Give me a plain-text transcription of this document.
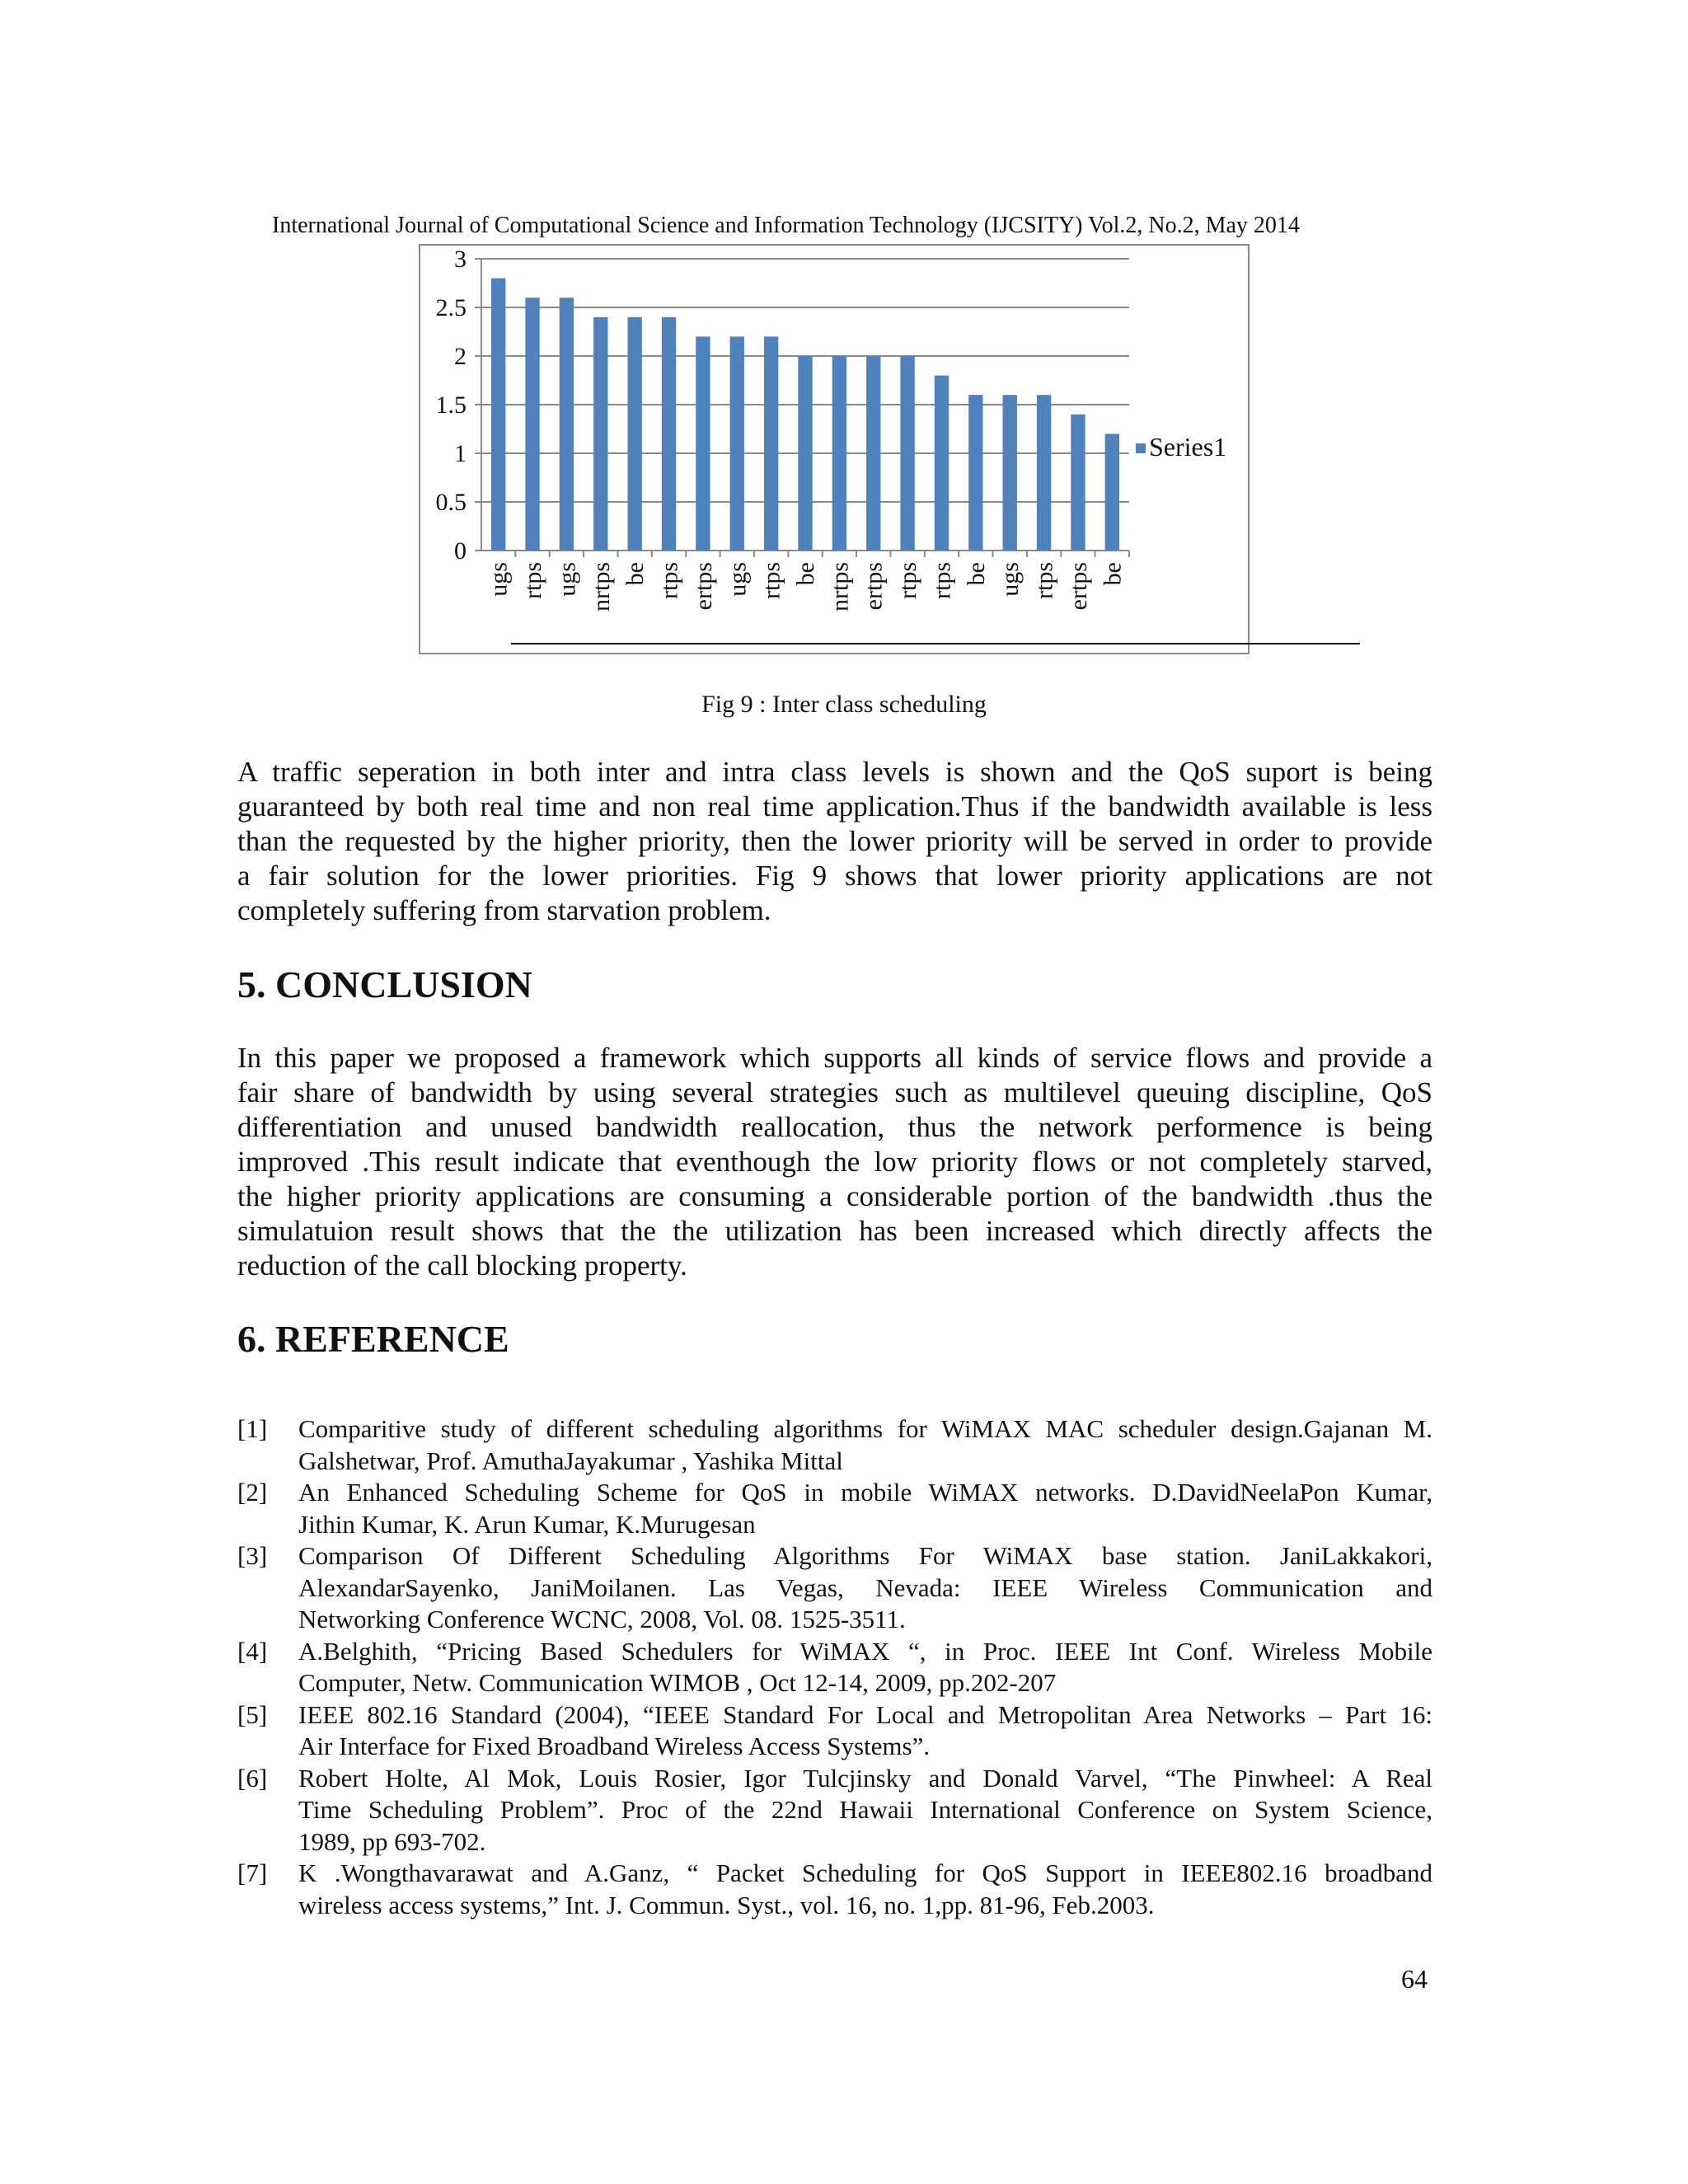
International Journal of Computational Science and Information Technology (IJCSITY) Vol.2, No.2, May 2014
0
0.5
1
1.5
2
2.5
3
ugs rtps ugs nrtps be rtps ertps ugs rtps be nrtps ertps rtps rtps be ugs rtps ertps be
Series1
Fig 9 : Inter class scheduling
A traffic seperation in both inter and intra class levels is shown and the QoS suport is being
guaranteed by both real time and non real time application.Thus if the bandwidth available is less
than the requested by the higher priority, then the lower priority will be served in order to provide
a fair solution for the lower priorities. Fig 9 shows that lower priority applications are not
completely suffering from starvation problem.
5. CONCLUSION
In this paper we proposed a framework which supports all kinds of service flows and provide a
fair share of bandwidth by using several strategies such as multilevel queuing discipline, QoS
differentiation and unused bandwidth reallocation, thus the network performence is being
improved .This result indicate that eventhough the low priority flows or not completely starved,
the higher priority applications are consuming a considerable portion of the bandwidth .thus the
simulatuion result shows that the the utilization has been increased which directly affects the
reduction of the call blocking property.
6. REFERENCE
[1]	Comparitive study of different scheduling algorithms for WiMAX MAC scheduler design.Gajanan M.
Galshetwar, Prof. AmuthaJayakumar , Yashika Mittal
[2]	An Enhanced Scheduling Scheme for QoS in mobile WiMAX networks. D.DavidNeelaPon Kumar,
Jithin Kumar, K. Arun Kumar, K.Murugesan
[3]	Comparison Of Different Scheduling Algorithms For WiMAX base station. JaniLakkakori,
AlexandarSayenko, JaniMoilanen. Las Vegas, Nevada: IEEE Wireless Communication and
Networking Conference WCNC, 2008, Vol. 08. 1525-3511.
[4]	A.Belghith, “Pricing Based Schedulers for WiMAX “, in Proc. IEEE Int Conf. Wireless Mobile
Computer, Netw. Communication WIMOB , Oct 12-14, 2009, pp.202-207
[5]	IEEE 802.16 Standard (2004), “IEEE Standard For Local and Metropolitan Area Networks – Part 16:
Air Interface for Fixed Broadband Wireless Access Systems”.
[6]	Robert Holte, Al Mok, Louis Rosier, Igor Tulcjinsky and Donald Varvel, “The Pinwheel: A Real
Time Scheduling Problem”. Proc of the 22nd Hawaii International Conference on System Science,
1989, pp 693-702.
[7]	K .Wongthavarawat and A.Ganz, “ Packet Scheduling for QoS Support in IEEE802.16 broadband
wireless access systems,” Int. J. Commun. Syst., vol. 16, no. 1,pp. 81-96, Feb.2003.
64
